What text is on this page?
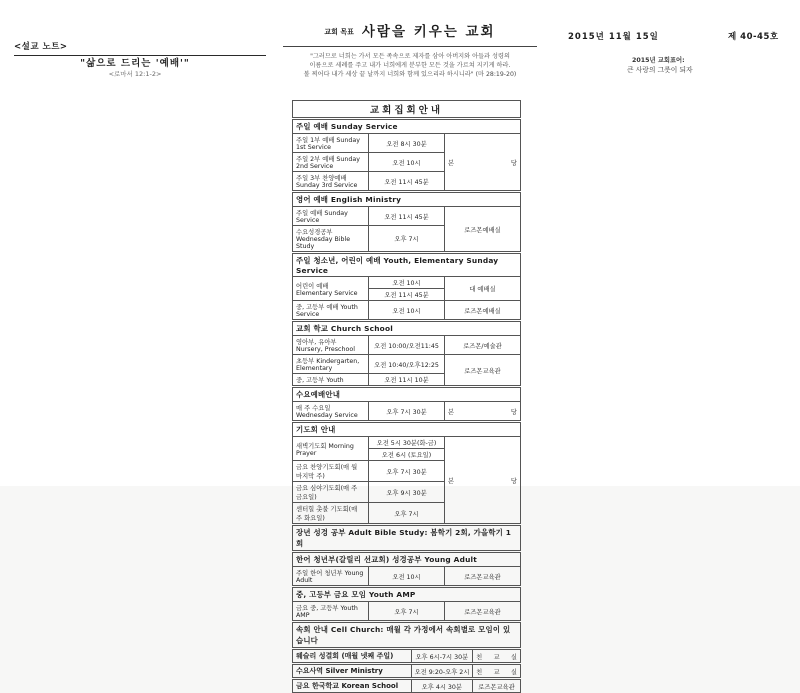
<설교 노트>
"삶으로 드리는 '예배'"
<로마서 12:1-2>
교회 목표 사람을 키우는 교회
"그러므로 너희는 가서 모든 족속으로 제자를 삼아 아버지와 아들과 성령의
이름으로 세례를 주고 내가 너희에게 분부한 모든 것을 가르쳐 지키게 하라.
볼 찌어다 내가 세상 끝 날까지 너희와 함께 있으리라 하시니라" (마 28:19-20)
2015년 11월 15일	제 40-45호
2015년 교회표어:
큰 사랑의 그릇이 되자
교회집회안내
주일 예배 Sunday Service		
주일 1부 예배 Sunday 1st Service	오전 8시 30분	본 당
주일 2부 예배 Sunday 2nd Service	오전 10시	
주일 3부 찬양예배 Sunday 3rd Service	오전 11시 45분	
영어 예배 English Ministry		
주일 예배 Sunday Service	오전 11시 45분	로즈몬예배실
수요성경공부 Wednesday Bible Study	오후 7시	
주일 청소년, 어린이 예배 Youth, Elementary Sunday Service		
어린이 예배 Elementary Service	오전 10시	대 예배실
	오전 11시 45분	
중, 고등부 예배 Youth Service	오전 10시	로즈몬예배실
교회 학교 Church School		
영아부, 유아부 Nursery, Preschool	오전 10:00/오전11:45	로즈몬/예술관
초등부 Kindergarten, Elementary	오전 10:40/오후12:25	로즈몬교육관
중, 고등부 Youth	오전 11시 10분	
수요예배안내
매 주 수요일 Wednesday Service	오후 7시 30분	본 당
기도회 안내		
새벽기도회 Morning Prayer	오전 5시 30분(화-금)	본 당
	오전 6시 (토요일)	
금요 찬양기도회(매 월 마지막 주)	오후 7시 30분	
금요 심야기도회(매 주 금요일)	오후 9시 30분	
센터힐 촛불 기도회(매 주 화요일)	오후 7시	
장년 성경 공부 Adult Bible Study: 봄학기 2회, 가을학기 1회
한어 청년부(갈릴리 선교회) 성경공부 Young Adult
주일 한어 청년부 Young Adult	오전 10시	로즈몬교육관
중, 고등부 금요 모임 Youth AMP
금요 중, 고등부 Youth AMP	오후 7시	로즈몬교육관
속회 안내 Cell Church: 매월 각 가정에서 속회별로 모임이 있습니다
웨슬리 성결회 (매월 넷째 주일)	오후 6시-7시 30분	친 교 실
수요사역 Silver Ministry	오전 9:20-오후 2시	친 교 실
금요 한국학교 Korean School	오후 4시 30분	로즈몬교육관
